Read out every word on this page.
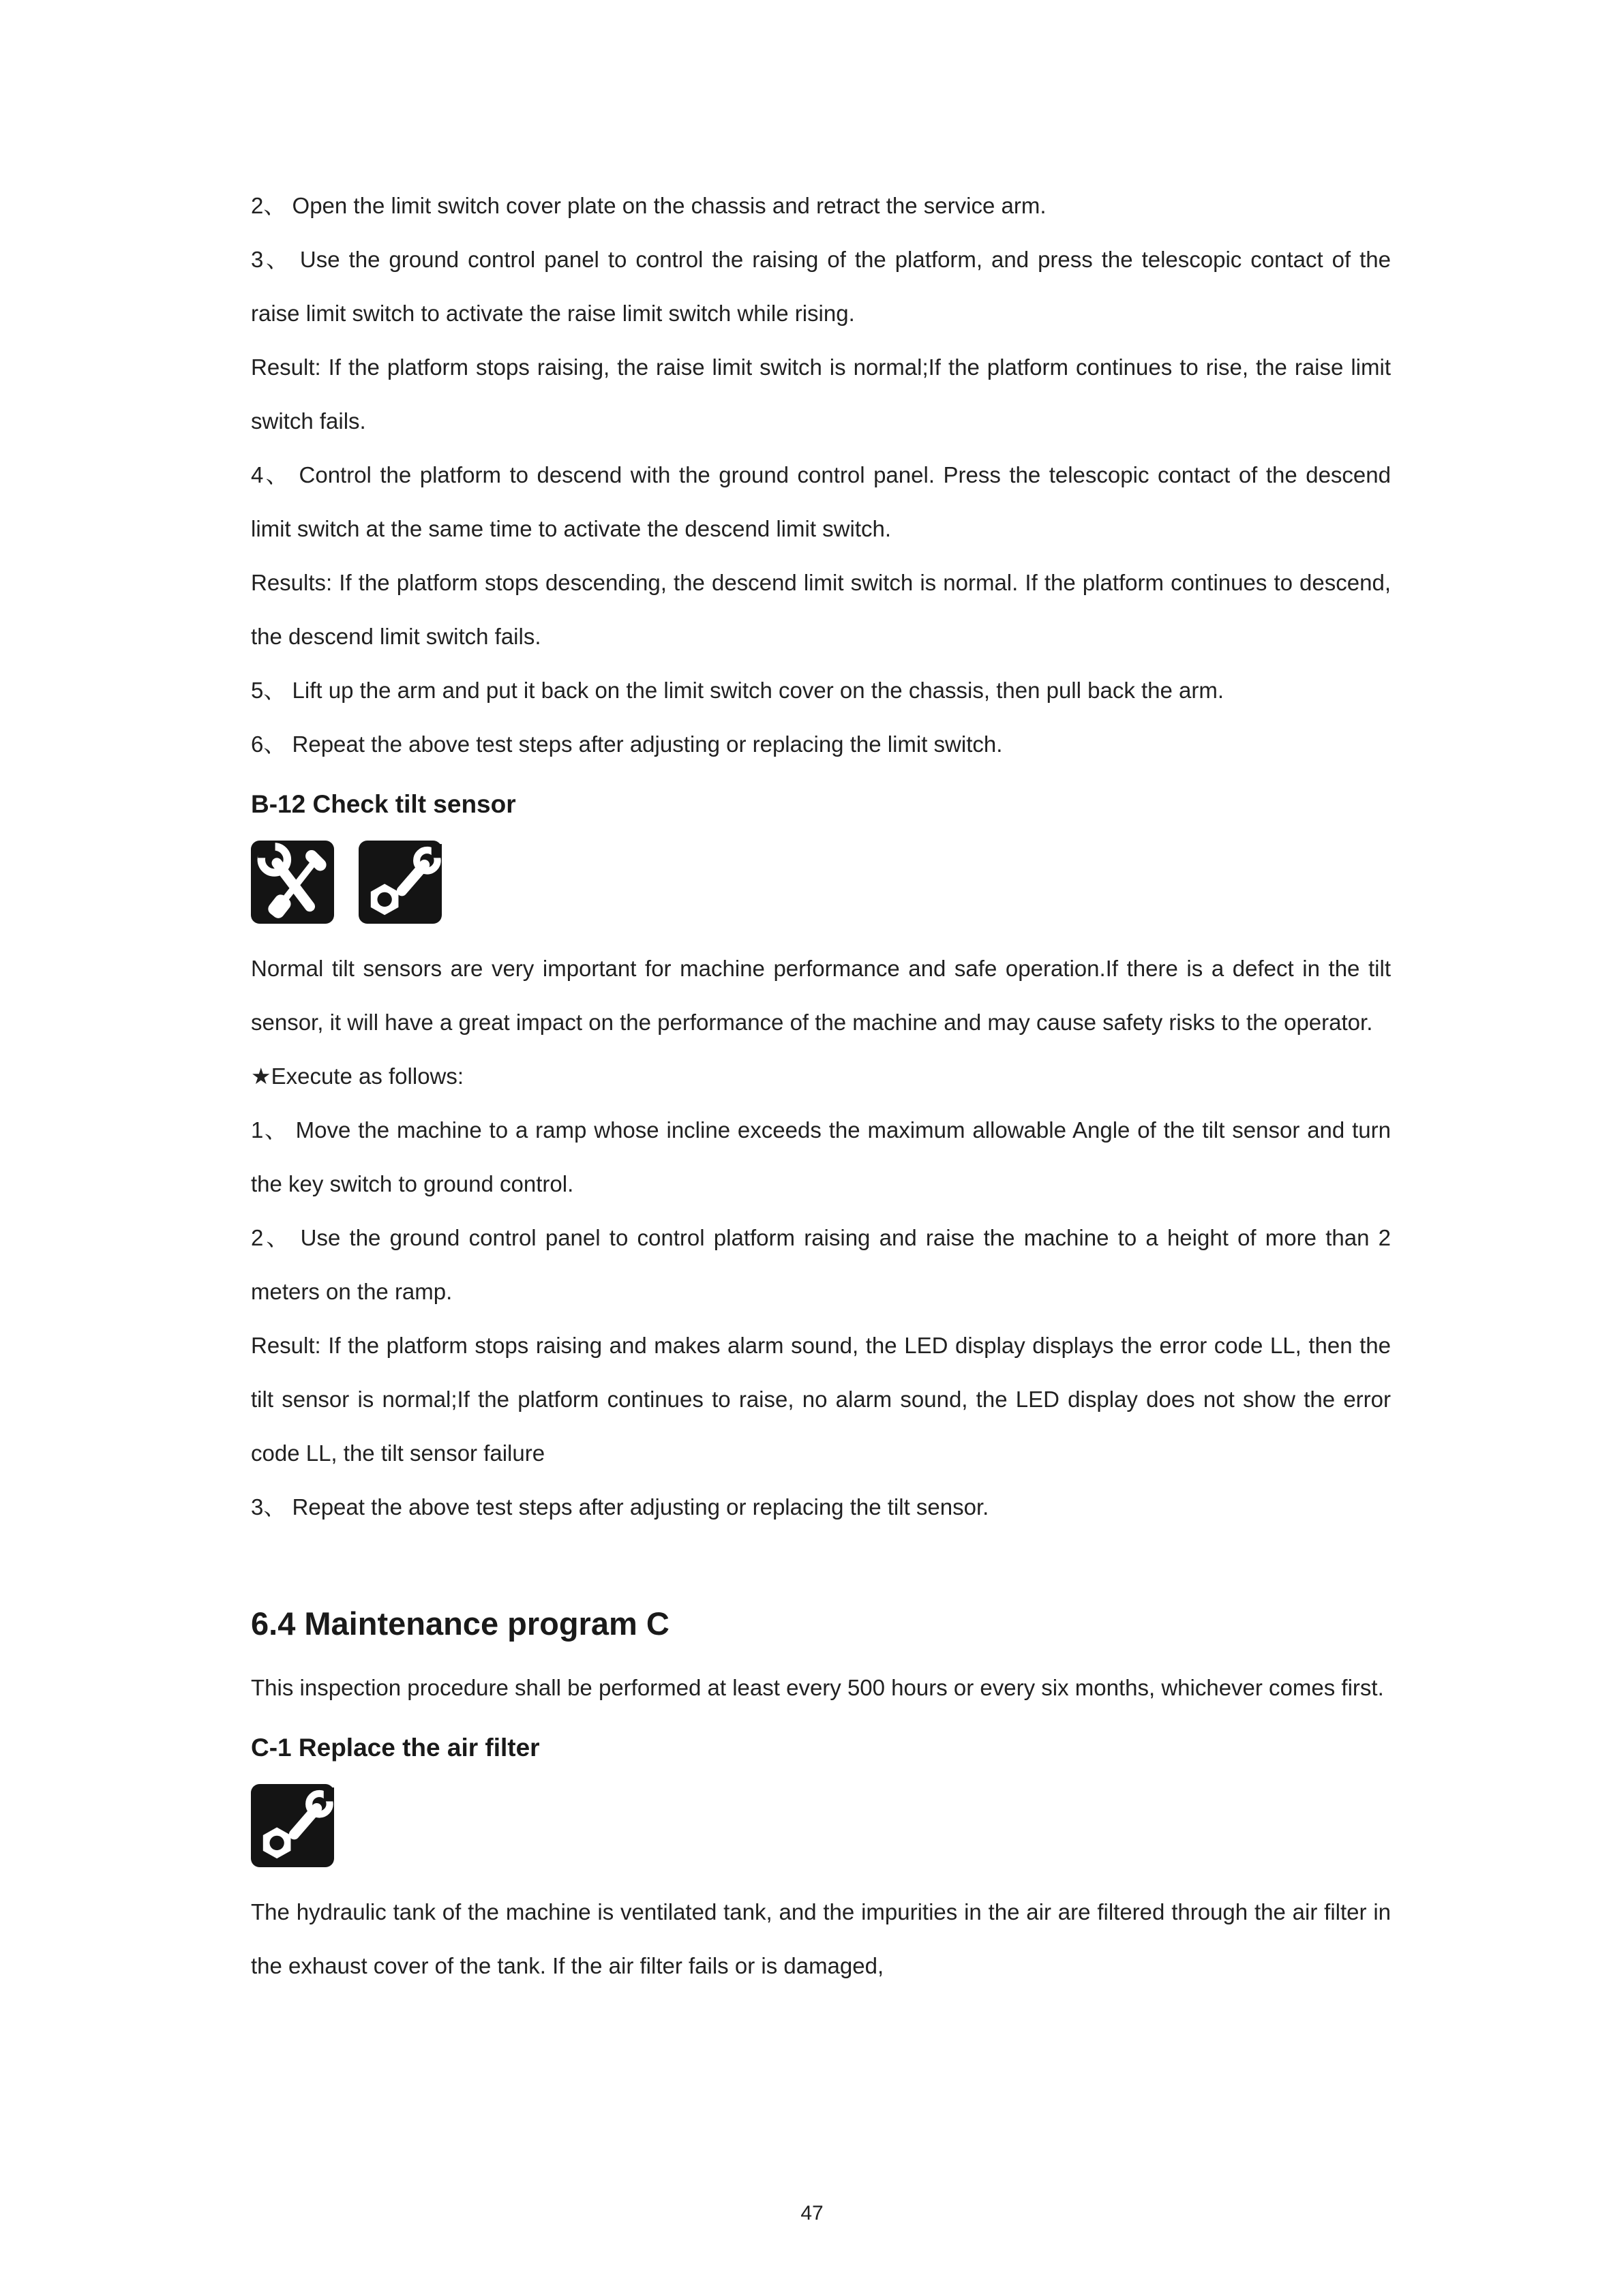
2、 Open the limit switch cover plate on the chassis and retract the service arm.

3、 Use the ground control panel to control the raising of the platform, and press the telescopic contact of the raise limit switch to activate the raise limit switch while rising.

Result: If the platform stops raising, the raise limit switch is normal;If the platform continues to rise, the raise limit switch fails.

4、 Control the platform to descend with the ground control panel. Press the telescopic contact of the descend limit switch at the same time to activate the descend limit switch.

Results: If the platform stops descending, the descend limit switch is normal. If the platform continues to descend, the descend limit switch fails.

5、 Lift up the arm and put it back on the limit switch cover on the chassis, then pull back the arm.

6、 Repeat the above test steps after adjusting or replacing the limit switch.

B-12 Check tilt sensor

Normal tilt sensors are very important for machine performance and safe operation.If there is a defect in the tilt sensor, it will have a great impact on the performance of the machine and may cause safety risks to the operator.

★Execute as follows:

1、 Move the machine to a ramp whose incline exceeds the maximum allowable Angle of the tilt sensor and turn the key switch to ground control.

2、 Use the ground control panel to control platform raising and raise the machine to a height of more than 2 meters on the ramp.

Result: If the platform stops raising and makes alarm sound, the LED display displays the error code LL, then the tilt sensor is normal;If the platform continues to raise, no alarm sound, the LED display does not show the error code LL, the tilt sensor failure

3、 Repeat the above test steps after adjusting or replacing the tilt sensor.

6.4 Maintenance program C

This inspection procedure shall be performed at least every 500 hours or every six months, whichever comes first.

C-1 Replace the air filter

The hydraulic tank of the machine is ventilated tank, and the impurities in the air are filtered through the air filter in the exhaust cover of the tank. If the air filter fails or is damaged,

47
